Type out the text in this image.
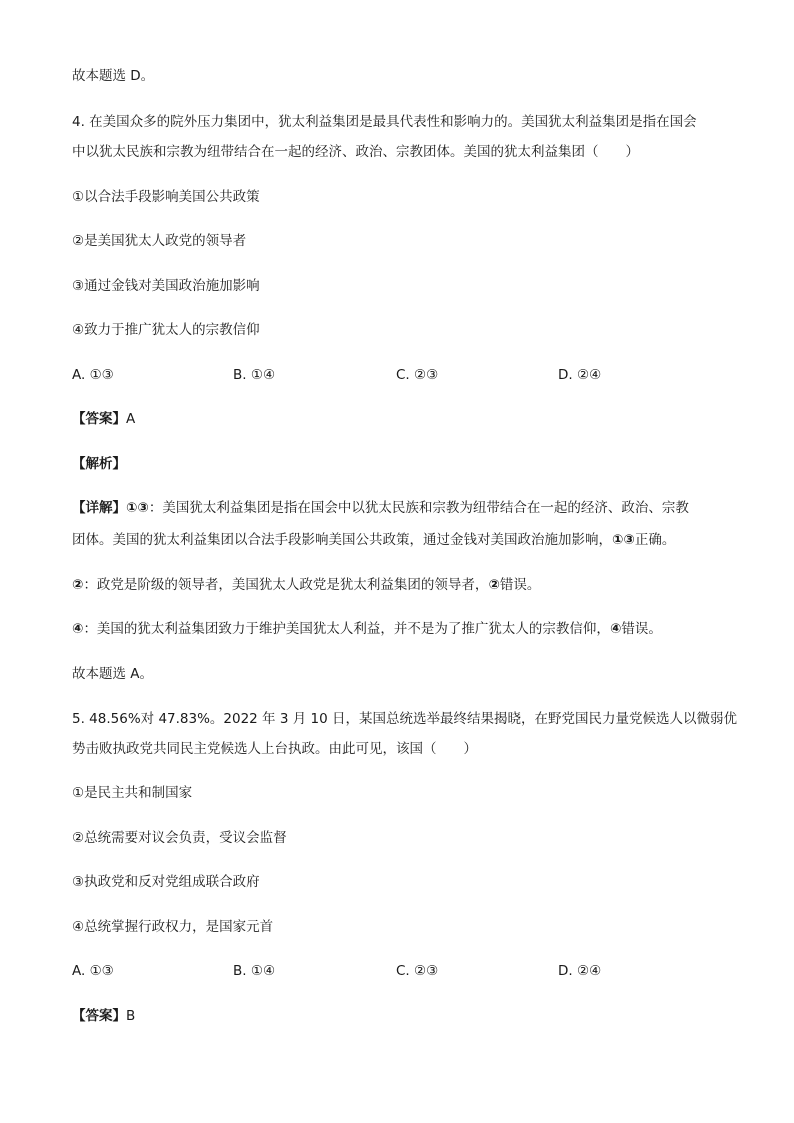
故本题选 D。
4. 在美国众多的院外压力集团中，犹太利益集团是最具代表性和影响力的。美国犹太利益集团是指在国会
中以犹太民族和宗教为纽带结合在一起的经济、政治、宗教团体。美国的犹太利益集团（　　）
①以合法手段影响美国公共政策
②是美国犹太人政党的领导者
③通过金钱对美国政治施加影响
④致力于推广犹太人的宗教信仰
A. ①③	B. ①④	C. ②③	D. ②④
【答案】A
【解析】
【详解】①③：美国犹太利益集团是指在国会中以犹太民族和宗教为纽带结合在一起的经济、政治、宗教
团体。美国的犹太利益集团以合法手段影响美国公共政策，通过金钱对美国政治施加影响，①③正确。
②：政党是阶级的领导者，美国犹太人政党是犹太利益集团的领导者，②错误。
④：美国的犹太利益集团致力于维护美国犹太人利益，并不是为了推广犹太人的宗教信仰，④错误。
故本题选 A。
5. 48.56%对 47.83%。2022 年 3 月 10 日，某国总统选举最终结果揭晓，在野党国民力量党候选人以微弱优
势击败执政党共同民主党候选人上台执政。由此可见，该国（　　）
①是民主共和制国家
②总统需要对议会负责，受议会监督
③执政党和反对党组成联合政府
④总统掌握行政权力，是国家元首
A. ①③	B. ①④	C. ②③	D. ②④
【答案】B
